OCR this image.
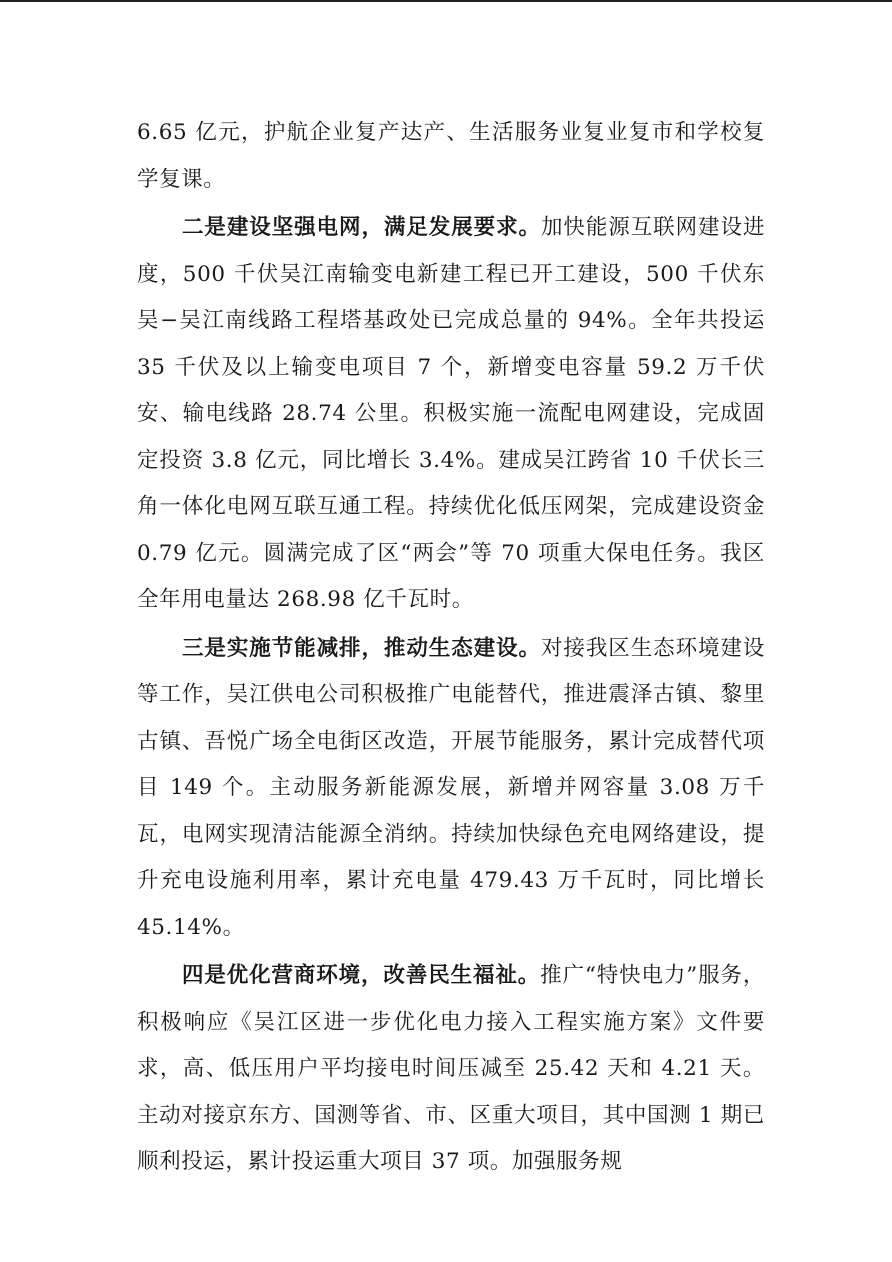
6.65 亿元，护航企业复产达产、生活服务业复业复市和学校复学复课。

二是建设坚强电网，满足发展要求。加快能源互联网建设进度，500 千伏吴江南输变电新建工程已开工建设，500 千伏东吴−吴江南线路工程塔基政处已完成总量的 94%。全年共投运 35 千伏及以上输变电项目 7 个，新增变电容量 59.2 万千伏安、输电线路 28.74 公里。积极实施一流配电网建设，完成固定投资 3.8 亿元，同比增长 3.4%。建成吴江跨省 10 千伏长三角一体化电网互联互通工程。持续优化低压网架，完成建设资金 0.79 亿元。圆满完成了区“两会”等 70 项重大保电任务。我区全年用电量达 268.98 亿千瓦时。

三是实施节能减排，推动生态建设。对接我区生态环境建设等工作，吴江供电公司积极推广电能替代，推进震泽古镇、黎里古镇、吾悦广场全电街区改造，开展节能服务，累计完成替代项目 149 个。主动服务新能源发展，新增并网容量 3.08 万千瓦，电网实现清洁能源全消纳。持续加快绿色充电网络建设，提升充电设施利用率，累计充电量 479.43 万千瓦时，同比增长 45.14%。

四是优化营商环境，改善民生福祉。推广“特快电力”服务，积极响应《吴江区进一步优化电力接入工程实施方案》文件要求，高、低压用户平均接电时间压减至 25.42 天和 4.21 天。主动对接京东方、国测等省、市、区重大项目，其中国测 1 期已顺利投运，累计投运重大项目 37 项。加强服务规
